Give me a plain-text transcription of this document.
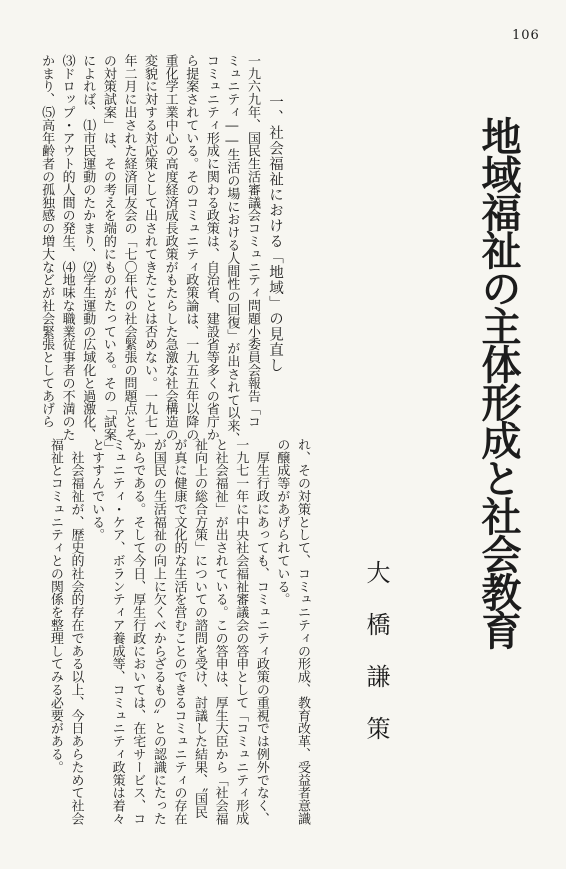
106
地域福祉の主体形成と社会教育
大橋謙策
一、社会福祉における「地域」の見直し
一九六九年、国民生活審議会コミュニティ問題小委員会報告「コ
ミュニティ――生活の場における人間性の回復」が出されて以来、
コミュニティ形成に関わる政策は、自治省、建設省等多くの省庁か
ら提案されている。そのコミュニティ政策論は、一九五五年以降の
重化学工業中心の高度経済成長政策がもたらした急激な社会構造の
変貌に対する対応策として出されてきたことは否めない。一九七一
年二月に出された経済同友会の「七〇年代の社会緊張の問題点とそ
の対策試案」は、その考えを端的にものがたっている。その「試案」
によれば、⑴市民運動のたかまり、⑵学生運動の広域化と過激化、
⑶ドロップ・アウト的人間の発生、⑷地味な職業従事者の不満のた
かまり、⑸高年齢者の孤独感の増大などが社会緊張としてあげら
れ、その対策として、コミュニティの形成、教育改革、受益者意識
の醸成等があげられている。
　厚生行政にあっても、コミュニティ政策の重視では例外でなく、
一九七一年に中央社会福祉審議会の答申として「コミュニティ形成
と社会福祉」が出されている。この答申は、厚生大臣から「社会福
祉向上の総合方策」についての諮問を受け、討議した結果、〝国民
が真に健康で文化的な生活を営むことのできるコミュニティの存在
が国民の生活福祉の向上に欠くべからざるもの〟との認識にたった
からである。そして今日、厚生行政においては、在宅サービス、コ
ミュニティ・ケア、ボランティア養成等、コミュニティ政策は着々
とすすんでいる。
　社会福祉が、歴史的社会的存在である以上、今日あらためて社会
福祉とコミュニティとの関係を整理してみる必要がある。
